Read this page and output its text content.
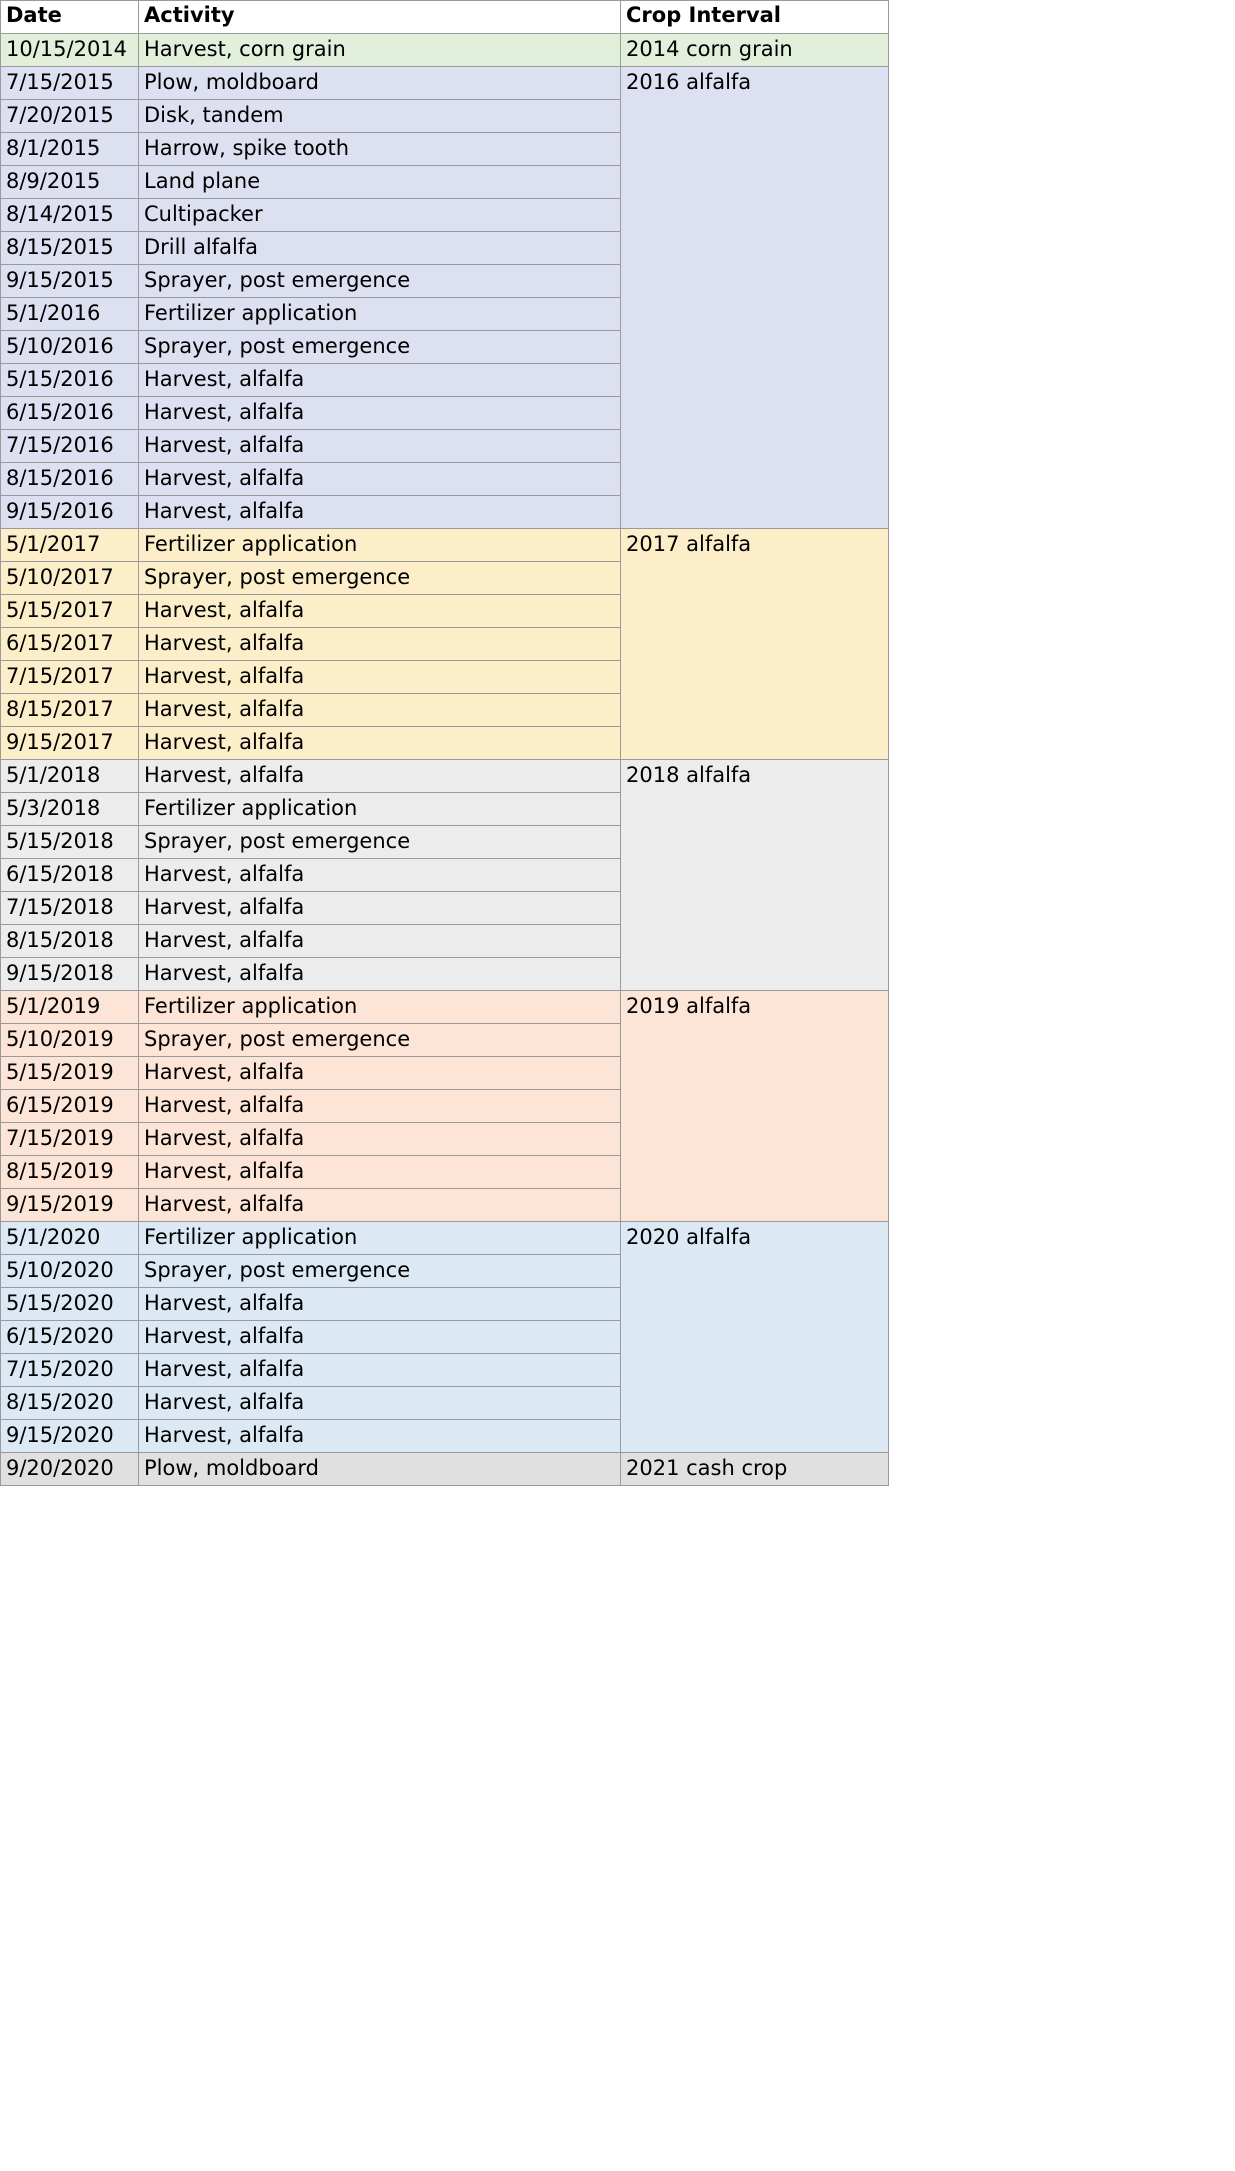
Date	Activity	Crop Interval
10/15/2014	Harvest, corn grain	2014 corn grain
7/15/2015	Plow, moldboard	2016 alfalfa
7/20/2015	Disk, tandem	
8/1/2015	Harrow, spike tooth	
8/9/2015	Land plane	
8/14/2015	Cultipacker	
8/15/2015	Drill alfalfa	
9/15/2015	Sprayer, post emergence	
5/1/2016	Fertilizer application	
5/10/2016	Sprayer, post emergence	
5/15/2016	Harvest, alfalfa	
6/15/2016	Harvest, alfalfa	
7/15/2016	Harvest, alfalfa	
8/15/2016	Harvest, alfalfa	
9/15/2016	Harvest, alfalfa	
5/1/2017	Fertilizer application	2017 alfalfa
5/10/2017	Sprayer, post emergence	
5/15/2017	Harvest, alfalfa	
6/15/2017	Harvest, alfalfa	
7/15/2017	Harvest, alfalfa	
8/15/2017	Harvest, alfalfa	
9/15/2017	Harvest, alfalfa	
5/1/2018	Harvest, alfalfa	2018 alfalfa
5/3/2018	Fertilizer application	
5/15/2018	Sprayer, post emergence	
6/15/2018	Harvest, alfalfa	
7/15/2018	Harvest, alfalfa	
8/15/2018	Harvest, alfalfa	
9/15/2018	Harvest, alfalfa	
5/1/2019	Fertilizer application	2019 alfalfa
5/10/2019	Sprayer, post emergence	
5/15/2019	Harvest, alfalfa	
6/15/2019	Harvest, alfalfa	
7/15/2019	Harvest, alfalfa	
8/15/2019	Harvest, alfalfa	
9/15/2019	Harvest, alfalfa	
5/1/2020	Fertilizer application	2020 alfalfa
5/10/2020	Sprayer, post emergence	
5/15/2020	Harvest, alfalfa	
6/15/2020	Harvest, alfalfa	
7/15/2020	Harvest, alfalfa	
8/15/2020	Harvest, alfalfa	
9/15/2020	Harvest, alfalfa	
9/20/2020	Plow, moldboard	2021 cash crop
